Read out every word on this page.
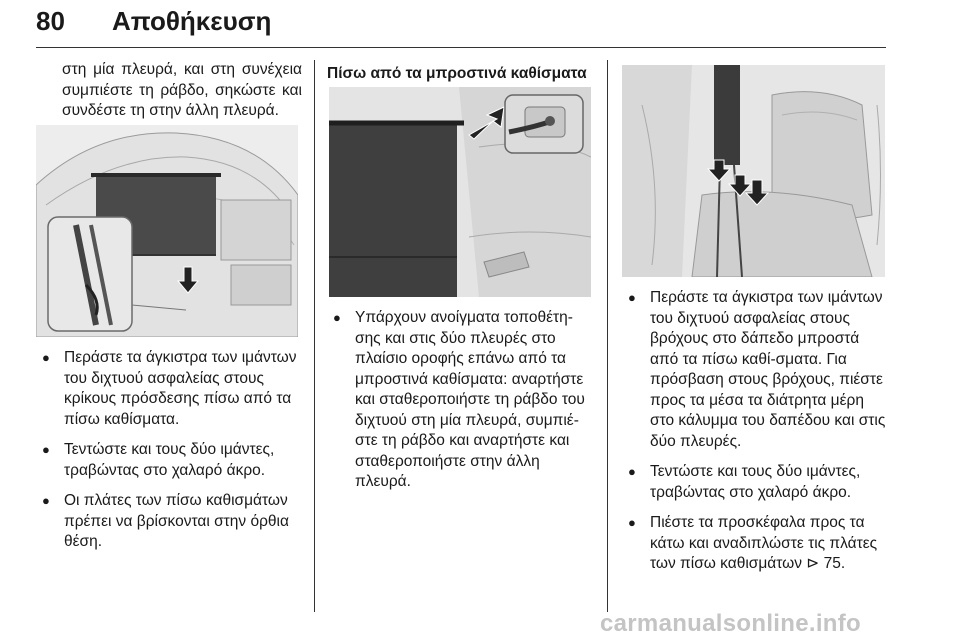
80 Αποθήκευση

στη μία πλευρά, και στη συνέχεια συμπιέστε τη ράβδο, σηκώστε και συνδέστε τη στην άλλη πλευρά.

● Περάστε τα άγκιστρα των ιμάντων του διχτυού ασφαλείας στους κρίκους πρόσδεσης πίσω από τα πίσω καθίσματα.
● Τεντώστε και τους δύο ιμάντες, τραβώντας στο χαλαρό άκρο.
● Οι πλάτες των πίσω καθισμάτων πρέπει να βρίσκονται στην όρθια θέση.
Πίσω από τα μπροστινά καθίσματα
● Υπάρχουν ανοίγματα τοποθέτη-σης και στις δύο πλευρές στο πλαίσιο οροφής επάνω από τα μπροστινά καθίσματα: αναρτήστε και σταθεροποιήστε τη ράβδο του διχτυού στη μία πλευρά, συμπιέ-στε τη ράβδο και αναρτήστε και σταθεροποιήστε στην άλλη πλευρά.
● Περάστε τα άγκιστρα των ιμάντων του διχτυού ασφαλείας στους βρόχους στο δάπεδο μπροστά από τα πίσω καθί-σματα. Για πρόσβαση στους βρόχους, πιέστε προς τα μέσα τα διάτρητα μέρη στο κάλυμμα του δαπέδου και στις δύο πλευρές.
● Τεντώστε και τους δύο ιμάντες, τραβώντας στο χαλαρό άκρο.
● Πιέστε τα προσκέφαλα προς τα κάτω και αναδιπλώστε τις πλάτες των πίσω καθισμάτων ⊳ 75.
carmanualsonline.info
